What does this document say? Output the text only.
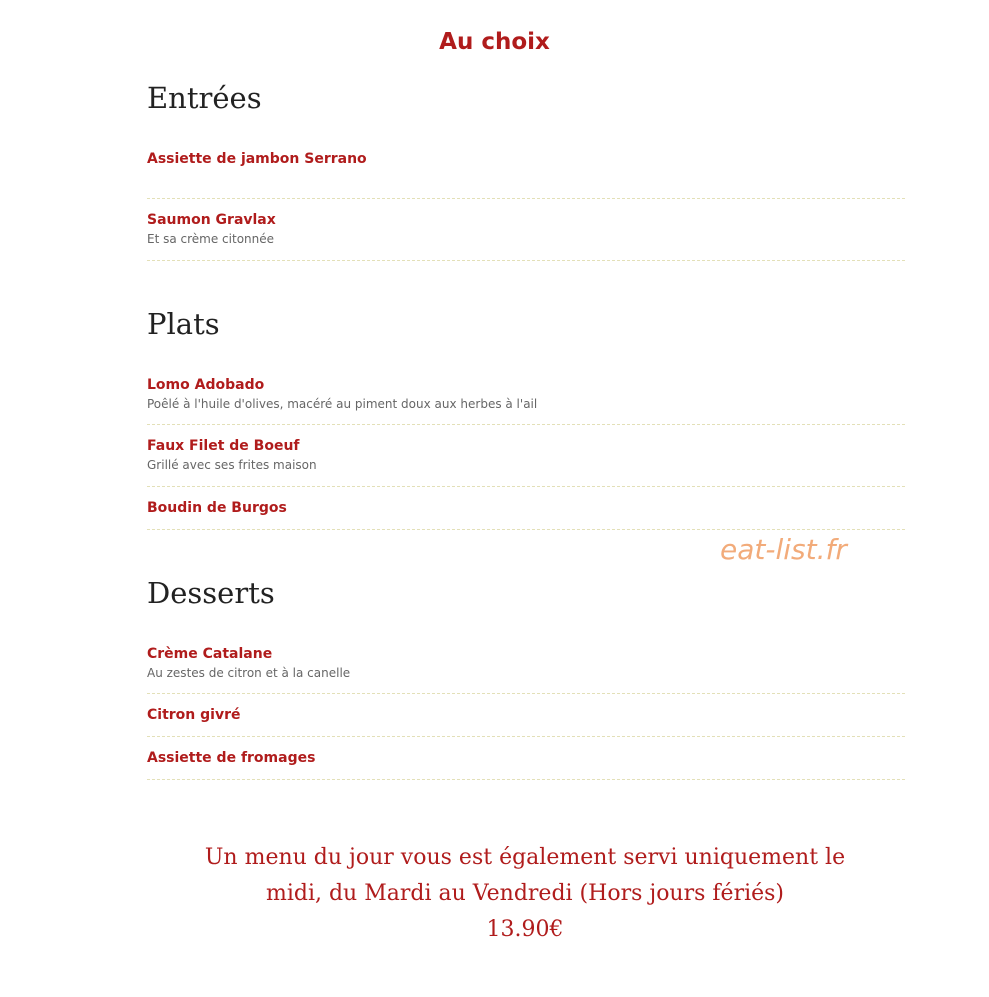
Au choix
Entrées
Assiette de jambon Serrano
Saumon Gravlax
Et sa crème citonnée
Plats
Lomo Adobado
Poêlé à l'huile d'olives, macéré au piment doux aux herbes à l'ail
Faux Filet de Boeuf
Grillé avec ses frites maison
Boudin de Burgos
eat-list.fr
Desserts
Crème Catalane
Au zestes de citron et à la canelle
Citron givré
Assiette de fromages
Un menu du jour vous est également servi uniquement le
midi, du Mardi au Vendredi (Hors jours fériés)
13.90€
